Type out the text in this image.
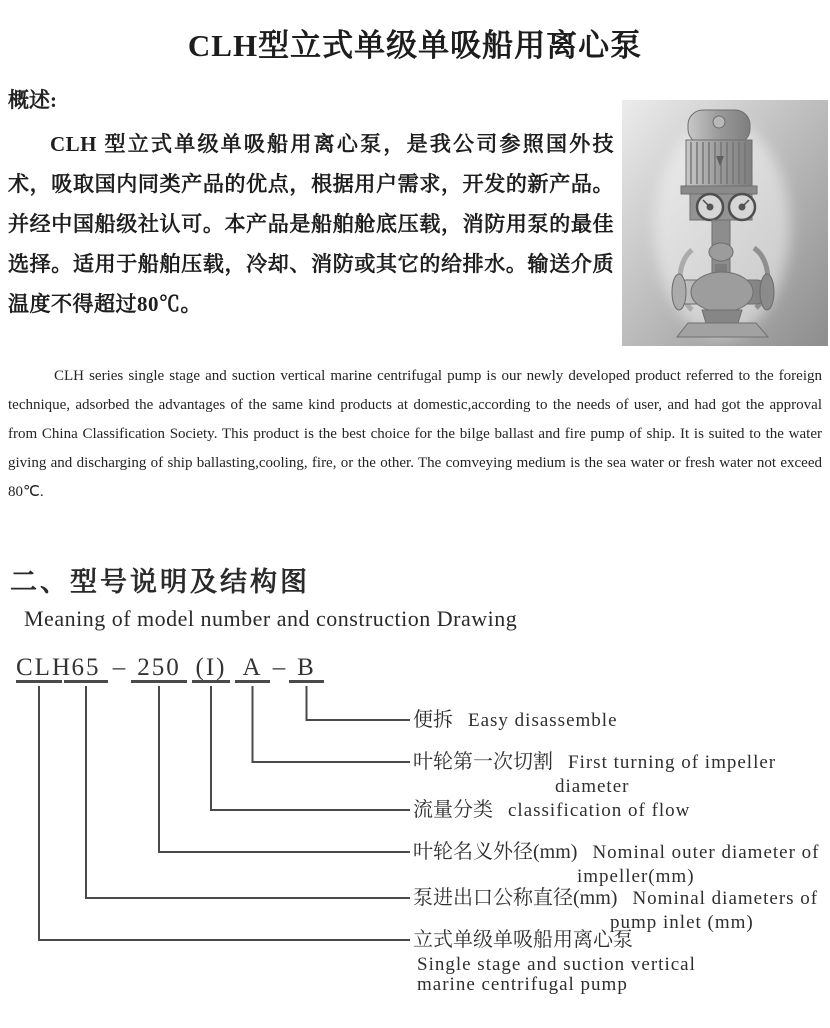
CLH型立式单级单吸船用离心泵
概述:
CLH 型立式单级单吸船用离心泵，是我公司参照国外技术，吸取国内同类产品的优点，根据用户需求，开发的新产品。并经中国船级社认可。本产品是船舶舱底压载，消防用泵的最佳选择。适用于船舶压载，冷却、消防或其它的给排水。输送介质温度不得超过80℃。
CLH series single stage and suction vertical marine centrifugal pump is our newly developed product referred to the foreign technique, adsorbed the advantages of the same kind products at domestic,according to the needs of user, and had got the approval from China Classification Society. This product is the best choice for the bilge ballast and fire pump of ship. It is suited to the water giving and discharging of ship ballasting,cooling, fire, or the other. The comveying medium is the sea water or fresh water not exceed 80℃.
二、型号说明及结构图
Meaning of model number and construction Drawing
CLH 65 – 250 (I) A – B
便拆 Easy disassemble
叶轮第一次切割 First turning of impeller
diameter
流量分类 classification of flow
叶轮名义外径(mm) Nominal outer diameter of
impeller(mm)
泵进出口公称直径(mm) Nominal diameters of
pump inlet (mm)
立式单级单吸船用离心泵
Single stage and suction vertical
marine centrifugal pump
